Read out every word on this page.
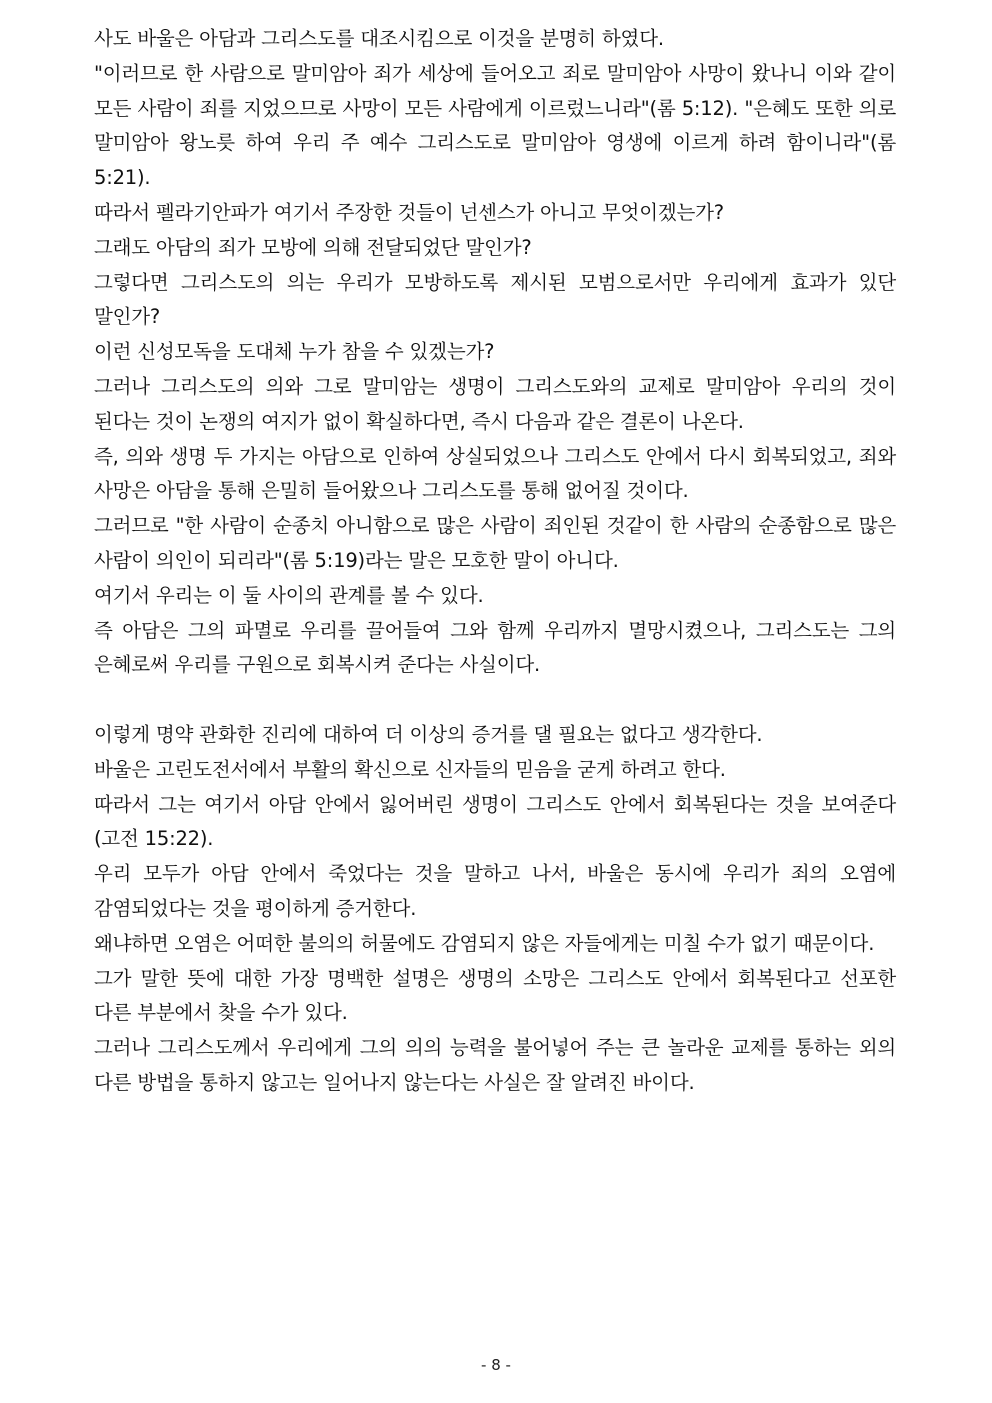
사도 바울은 아담과 그리스도를 대조시킴으로 이것을 분명히 하였다.

"이러므로 한 사람으로 말미암아 죄가 세상에 들어오고 죄로 말미암아 사망이 왔나니 이와 같이 모든 사람이 죄를 지었으므로 사망이 모든 사람에게 이르렀느니라"(롬 5:12). "은혜도 또한 의로 말미암아 왕노릇 하여 우리 주 예수 그리스도로 말미암아 영생에 이르게 하려 함이니라"(롬 5:21).

따라서 펠라기안파가 여기서 주장한 것들이 넌센스가 아니고 무엇이겠는가?

그래도 아담의 죄가 모방에 의해 전달되었단 말인가?

그렇다면 그리스도의 의는 우리가 모방하도록 제시된 모범으로서만 우리에게 효과가 있단 말인가?

이런 신성모독을 도대체 누가 참을 수 있겠는가?

그러나 그리스도의 의와 그로 말미암는 생명이 그리스도와의 교제로 말미암아 우리의 것이 된다는 것이 논쟁의 여지가 없이 확실하다면, 즉시 다음과 같은 결론이 나온다.

즉, 의와 생명 두 가지는 아담으로 인하여 상실되었으나 그리스도 안에서 다시 회복되었고, 죄와 사망은 아담을 통해 은밀히 들어왔으나 그리스도를 통해 없어질 것이다.

그러므로 "한 사람이 순종치 아니함으로 많은 사람이 죄인된 것같이 한 사람의 순종함으로 많은 사람이 의인이 되리라"(롬 5:19)라는 말은 모호한 말이 아니다.

여기서 우리는 이 둘 사이의 관계를 볼 수 있다.

즉 아담은 그의 파멸로 우리를 끌어들여 그와 함께 우리까지 멸망시켰으나, 그리스도는 그의 은혜로써 우리를 구원으로 회복시켜 준다는 사실이다.

이렇게 명약 관화한 진리에 대하여 더 이상의 증거를 댈 필요는 없다고 생각한다.

바울은 고린도전서에서 부활의 확신으로 신자들의 믿음을 굳게 하려고 한다.

따라서 그는 여기서 아담 안에서 잃어버린 생명이 그리스도 안에서 회복된다는 것을 보여준다(고전 15:22).

우리 모두가 아담 안에서 죽었다는 것을 말하고 나서, 바울은 동시에 우리가 죄의 오염에 감염되었다는 것을 평이하게 증거한다.

왜냐하면 오염은 어떠한 불의의 허물에도 감염되지 않은 자들에게는 미칠 수가 없기 때문이다.

그가 말한 뜻에 대한 가장 명백한 설명은 생명의 소망은 그리스도 안에서 회복된다고 선포한 다른 부분에서 찾을 수가 있다.

그러나 그리스도께서 우리에게 그의 의의 능력을 불어넣어 주는 큰 놀라운 교제를 통하는 외의 다른 방법을 통하지 않고는 일어나지 않는다는 사실은 잘 알려진 바이다.

- 8 -
